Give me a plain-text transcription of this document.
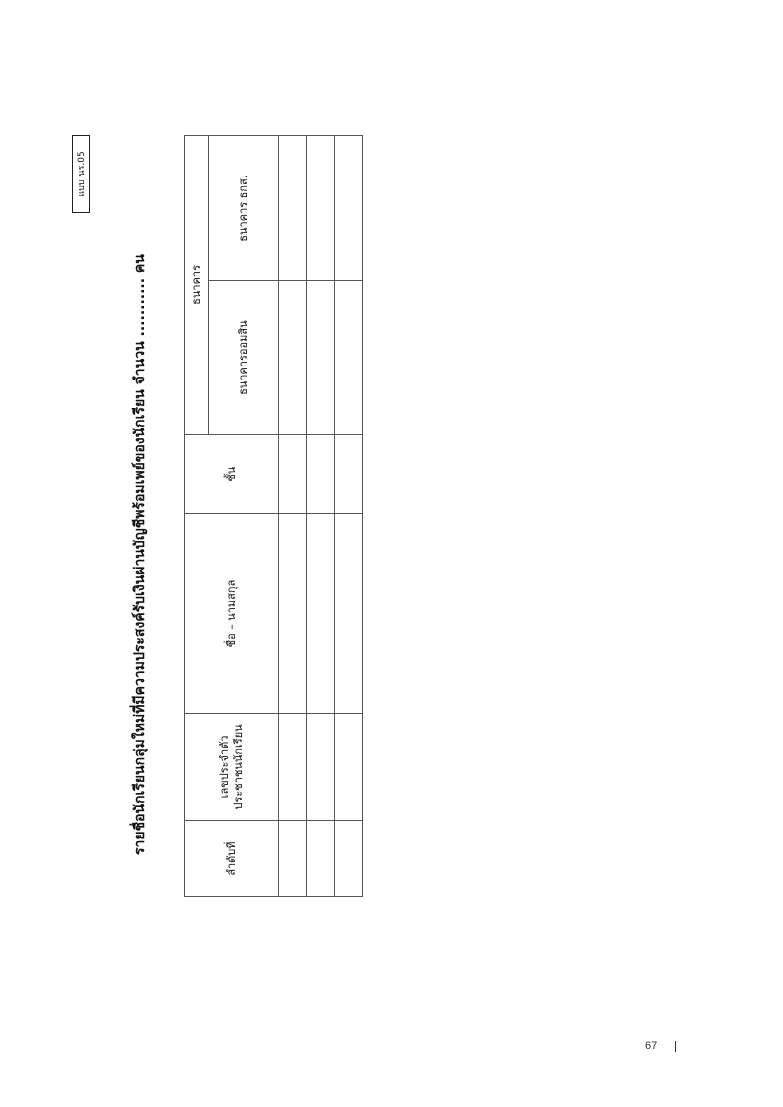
แบบ นร.05
รายชื่อนักเรียนกลุ่มใหม่ที่มีความประสงค์รับเงินผ่านบัญชีพร้อมเพย์ของนักเรียน จำนวน ........... คน
ลำดับที่	เลขประจำตัว ประชาชนนักเรียน	ชื่อ – นามสกุล	ชั้น	ธนาคาร	
				ธนาคารออมสิน	ธนาคาร ธกส.

67
